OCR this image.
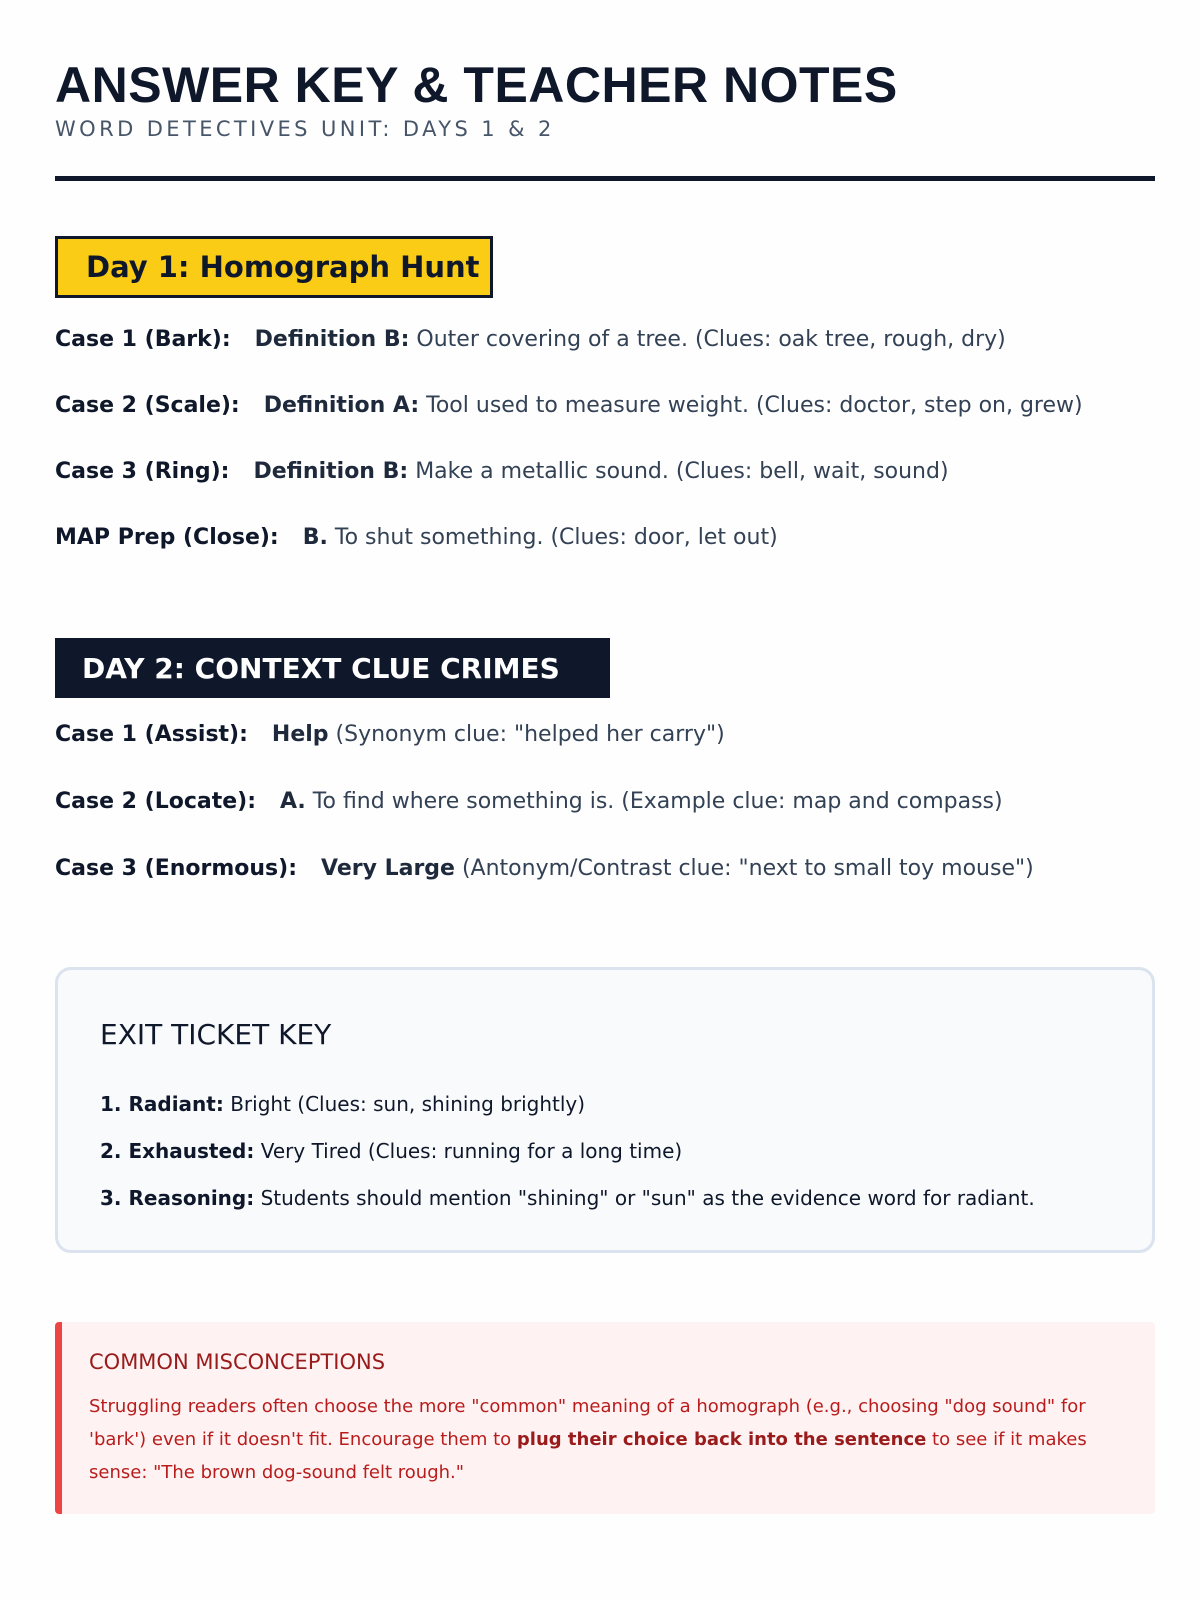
ANSWER KEY & TEACHER NOTES
WORD DETECTIVES UNIT: DAYS 1 & 2
Day 1: Homograph Hunt
Case 1 (Bark): Definition B: Outer covering of a tree. (Clues: oak tree, rough, dry)
Case 2 (Scale): Definition A: Tool used to measure weight. (Clues: doctor, step on, grew)
Case 3 (Ring): Definition B: Make a metallic sound. (Clues: bell, wait, sound)
MAP Prep (Close): B. To shut something. (Clues: door, let out)
DAY 2: CONTEXT CLUE CRIMES
Case 1 (Assist): Help (Synonym clue: "helped her carry")
Case 2 (Locate): A. To find where something is. (Example clue: map and compass)
Case 3 (Enormous): Very Large (Antonym/Contrast clue: "next to small toy mouse")
EXIT TICKET KEY
1. Radiant: Bright (Clues: sun, shining brightly)
2. Exhausted: Very Tired (Clues: running for a long time)
3. Reasoning: Students should mention "shining" or "sun" as the evidence word for radiant.
COMMON MISCONCEPTIONS
Struggling readers often choose the more "common" meaning of a homograph (e.g., choosing "dog sound" for 'bark') even if it doesn't fit. Encourage them to plug their choice back into the sentence to see if it makes sense: "The brown dog-sound felt rough."
